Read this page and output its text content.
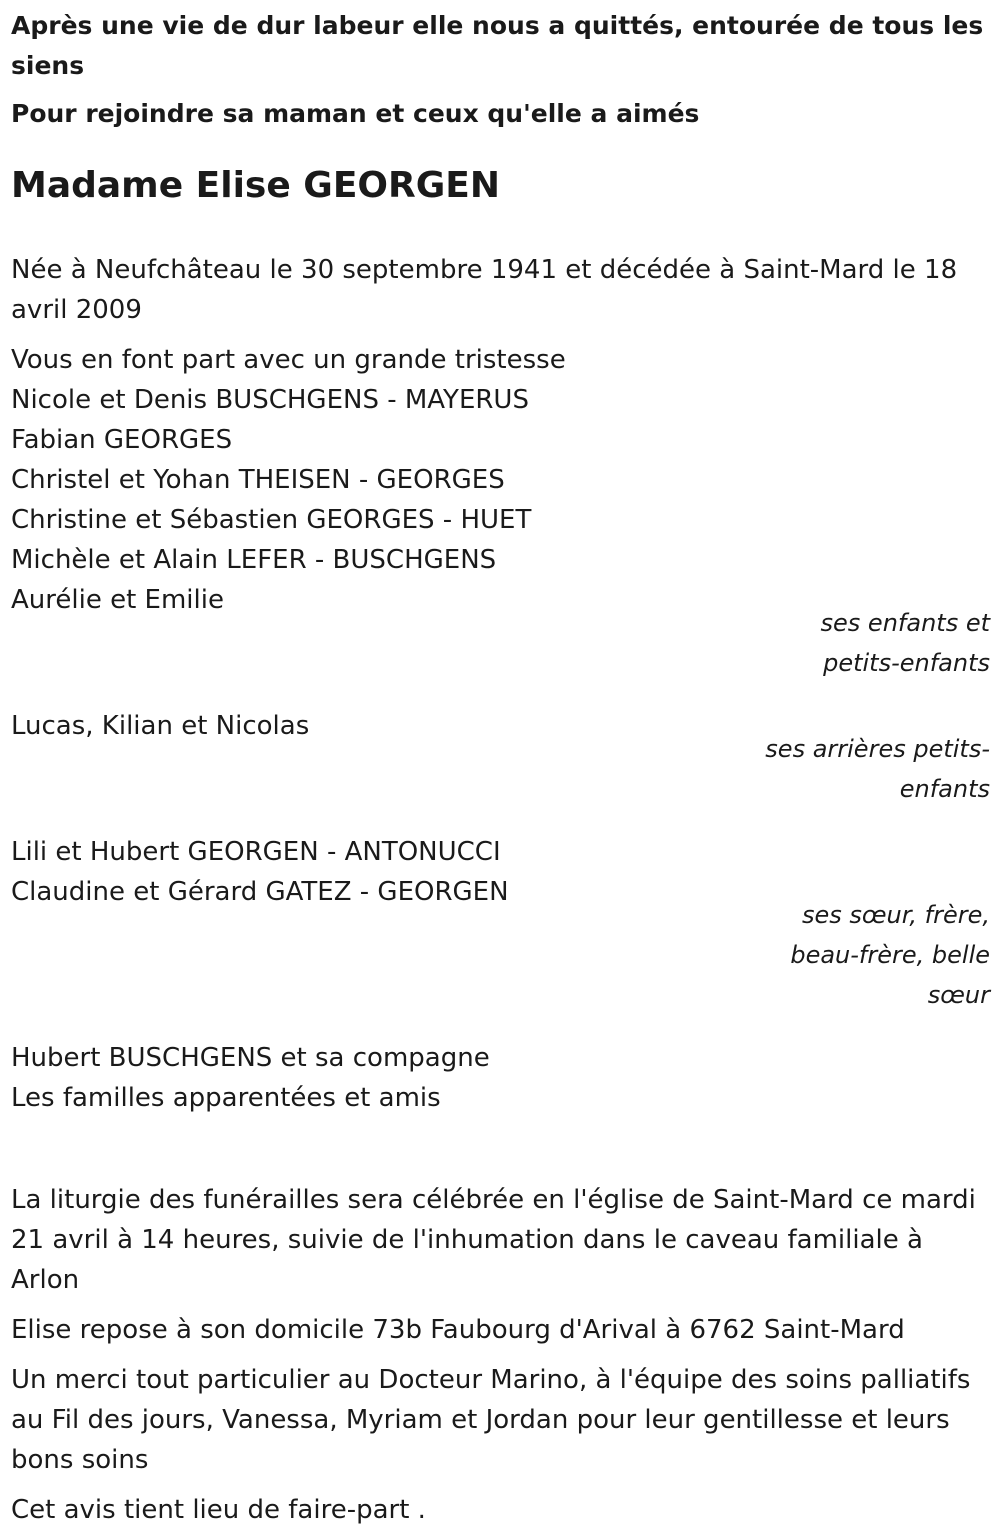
Après une vie de dur labeur elle nous a quittés, entourée de tous les siens

Pour rejoindre sa maman et ceux qu'elle a aimés

Madame Elise GEORGEN

Née à Neufchâteau le 30 septembre 1941 et décédée à Saint-Mard le 18 avril 2009

Vous en font part avec un grande tristesse
Nicole et Denis BUSCHGENS - MAYERUS
Fabian GEORGES
Christel et Yohan THEISEN - GEORGES
Christine et Sébastien GEORGES - HUET
Michèle et Alain LEFER - BUSCHGENS
Aurélie et Emilie
ses enfants et
petits-enfants
Lucas, Kilian et Nicolas
ses arrières petits-
enfants
Lili et Hubert GEORGEN - ANTONUCCI
Claudine et Gérard GATEZ - GEORGEN
ses sœur, frère,
beau-frère, belle
sœur
Hubert BUSCHGENS et sa compagne
Les familles apparentées et amis

La liturgie des funérailles sera célébrée en l'église de Saint-Mard ce mardi 21 avril à 14 heures, suivie de l'inhumation dans le caveau familiale à Arlon

Elise repose à son domicile 73b Faubourg d'Arival à 6762 Saint-Mard

Un merci tout particulier au Docteur Marino, à l'équipe des soins palliatifs au Fil des jours, Vanessa, Myriam et Jordan pour leur gentillesse et leurs bons soins

Cet avis tient lieu de faire-part .
